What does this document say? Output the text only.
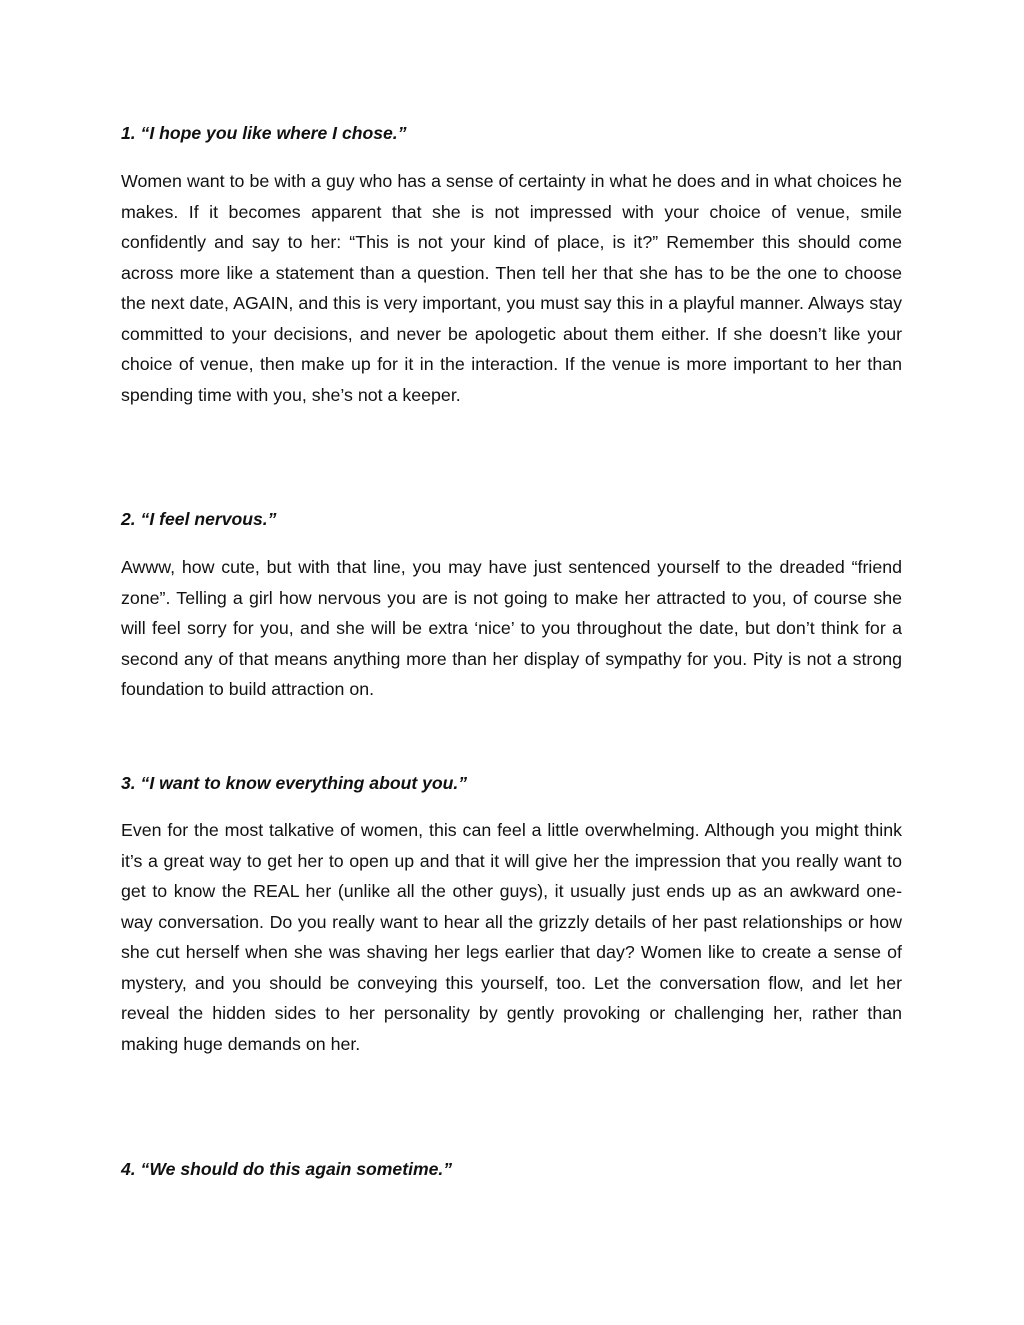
1. “I hope you like where I chose.”

Women want to be with a guy who has a sense of certainty in what he does and in what choices he makes. If it becomes apparent that she is not impressed with your choice of venue, smile confidently and say to her: “This is not your kind of place, is it?” Remember this should come across more like a statement than a question. Then tell her that she has to be the one to choose the next date, AGAIN, and this is very important, you must say this in a playful manner. Always stay committed to your decisions, and never be apologetic about them either. If she doesn’t like your choice of venue, then make up for it in the interaction. If the venue is more important to her than spending time with you, she’s not a keeper.

2. “I feel nervous.”

Awww, how cute, but with that line, you may have just sentenced yourself to the dreaded “friend zone”. Telling a girl how nervous you are is not going to make her attracted to you, of course she will feel sorry for you, and she will be extra ‘nice’ to you throughout the date, but don’t think for a second any of that means anything more than her display of sympathy for you. Pity is not a strong foundation to build attraction on.

3. “I want to know everything about you.”

Even for the most talkative of women, this can feel a little overwhelming. Although you might think it’s a great way to get her to open up and that it will give her the impression that you really want to get to know the REAL her (unlike all the other guys), it usually just ends up as an awkward one-way conversation. Do you really want to hear all the grizzly details of her past relationships or how she cut herself when she was shaving her legs earlier that day? Women like to create a sense of mystery, and you should be conveying this yourself, too. Let the conversation flow, and let her reveal the hidden sides to her personality by gently provoking or challenging her, rather than making huge demands on her.

4. “We should do this again sometime.”
